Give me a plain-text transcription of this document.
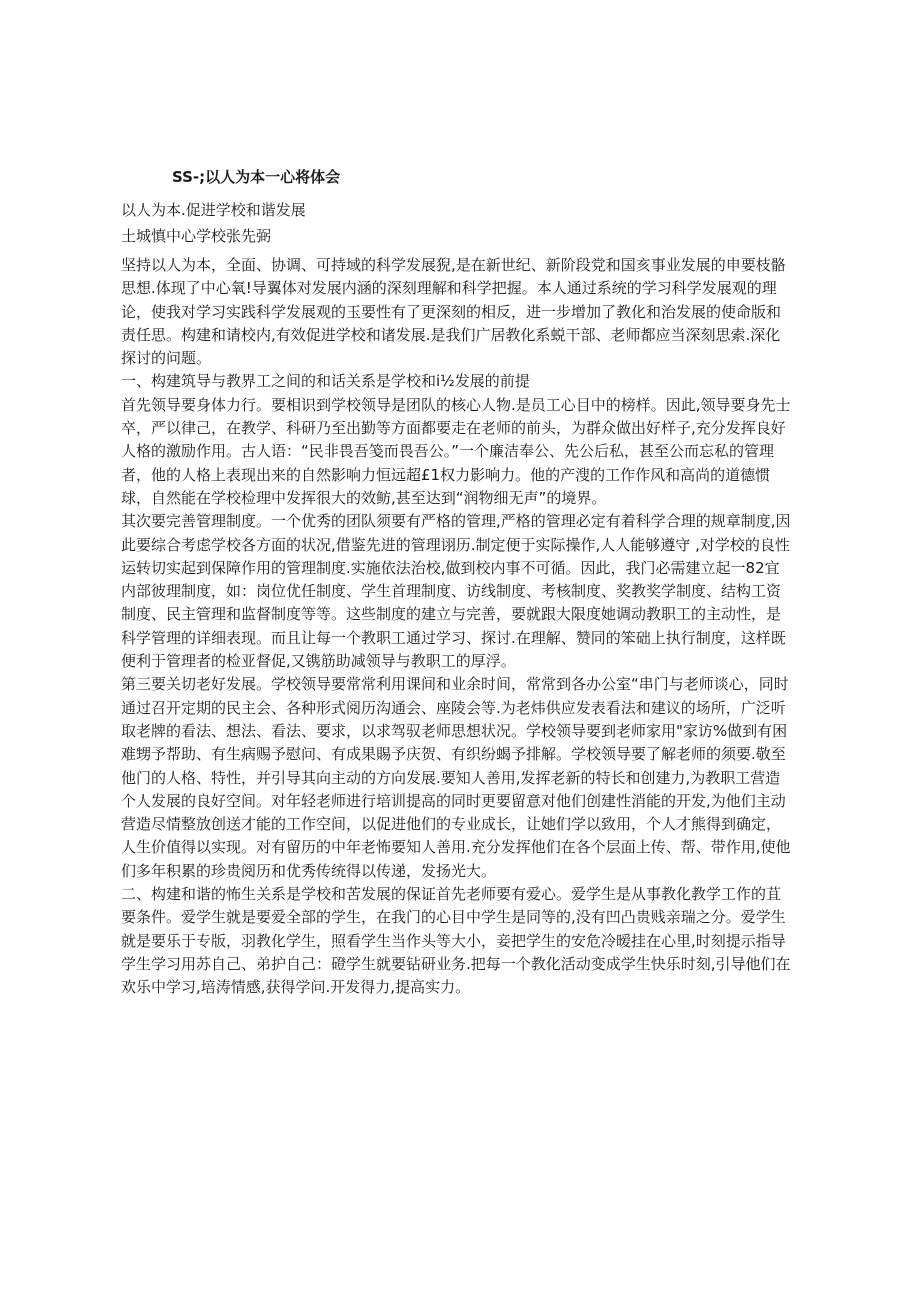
SS-;以人为本一心将体会
以人为本.促进学校和谐发展
土城慎中心学校张先弼

坚持以人为本，全面、协调、可持域的科学发展猊,是在新世纪、新阶段党和国亥事业发展的申要枝骼思想.体现了中心氧!导翼体对发展内涵的深刻理解和科学把握。本人通过系统的学习科学发展观的理论，使我对学习实践科学发展观的玉要性有了更深刻的相反，进一步增加了教化和治发展的使命版和责任思。构建和请校内,有效促进学校和诸发展.是我们广居教化系蜕干部、老师都应当深刻思索.深化探讨的问题。

一、构建筑导与教界工之间的和话关系是学校和i½发展的前提

首先领导要身体力行。要相识到学校领导是团队的核心人物.是员工心目中的榜样。因此,领导要身先士卒，严以律己，在教学、科研乃至出勤等方面都要走在老师的前头，为群众做出好样子,充分发挥良好人格的激励作用。古人语：“民非畏吾笺而畏吾公。”一个廉洁奉公、先公后私，甚至公而忘私的管理者，他的人格上表现出来的自然影响力恒远超£1权力影响力。他的产溲的工作作风和高尚的道德惯球，自然能在学校检理中发挥很大的效鲂,甚至达到“润物细无声”的境界。

其次要完善管理制度。一个优秀的团队须要有严格的管理,严格的管理必定有着科学合理的规章制度,因此要综合考虑学校各方面的状况,借鉴先进的管理诩历.制定便于实际操作,人人能够遵守 ,对学校的良性运转切实起到保障作用的管理制度.实施依法治校,做到校内事不可循。因此，我门必需建立起一82宜内部彼理制度，如：岗位优任制度、学生首理制度、访线制度、考核制度、奖教奖学制度、结构工资制度、民主管理和监督制度等等。这些制度的建立与完善，要就跟大限度她调动教职工的主动性，是科学管理的详细表现。而且让每一个教职工通过学习、探讨.在理解、赞同的笨础上执行制度，这样既便利于管理者的检亚督促,又镌筋助减领导与教职工的厚浮。

第三要关切老好发展。学校领导要常常利用课间和业余时间，常常到各办公室“串门与老师谈心，同时通过召开定期的民主会、各种形式阅历沟通会、座陵会等.为老炜供应发表看法和建议的场所，广泛听取老牌的看法、想法、看法、要求，以求驾驭老师思想状况。学校领导要到老师家用"家访%做到有困难甥予帮助、有生病赐予慰问、有成果賜予庆贺、有织纷蝎予排解。学校领导要了解老师的须要.敬至他门的人格、特性，并引导其向主动的方向发展.要知人善用,发挥老新的特长和创建力,为教职工营造个人发展的良好空间。对年轻老师进行培训提高的同时更要留意对他们创建性消能的开发,为他们主动营造尽情整放创送才能的工作空间，以促进他们的专业成长，让她们学以致用，个人才熊得到确定，人生价值得以实现。对有留历的中年老怖要知人善用.充分发挥他们在各个层面上传、帮、带作用,使他们多年积累的珍贵阅历和优秀传统得以传递，发扬光大。

二、构建和谐的怖生关系是学校和苦发展的保证首先老师要有爱心。爱学生是从事教化教学工作的苴要条件。爱学生就是要爱全部的学生，在我门的心目中学生是同等的,没有凹凸贵贱亲瑞之分。爱学生就是要乐于专版，羽教化学生，照看学生当作头等大小，妾把学生的安危冷暧挂在心里,时刻提示指导学生学习用苏自己、弟护自己：磴学生就要钻研业务.把每一个教化活动变成学生快乐时刻,引导他们在欢乐中学习,培涛情感,获得学问.开发得力,提高实力。
